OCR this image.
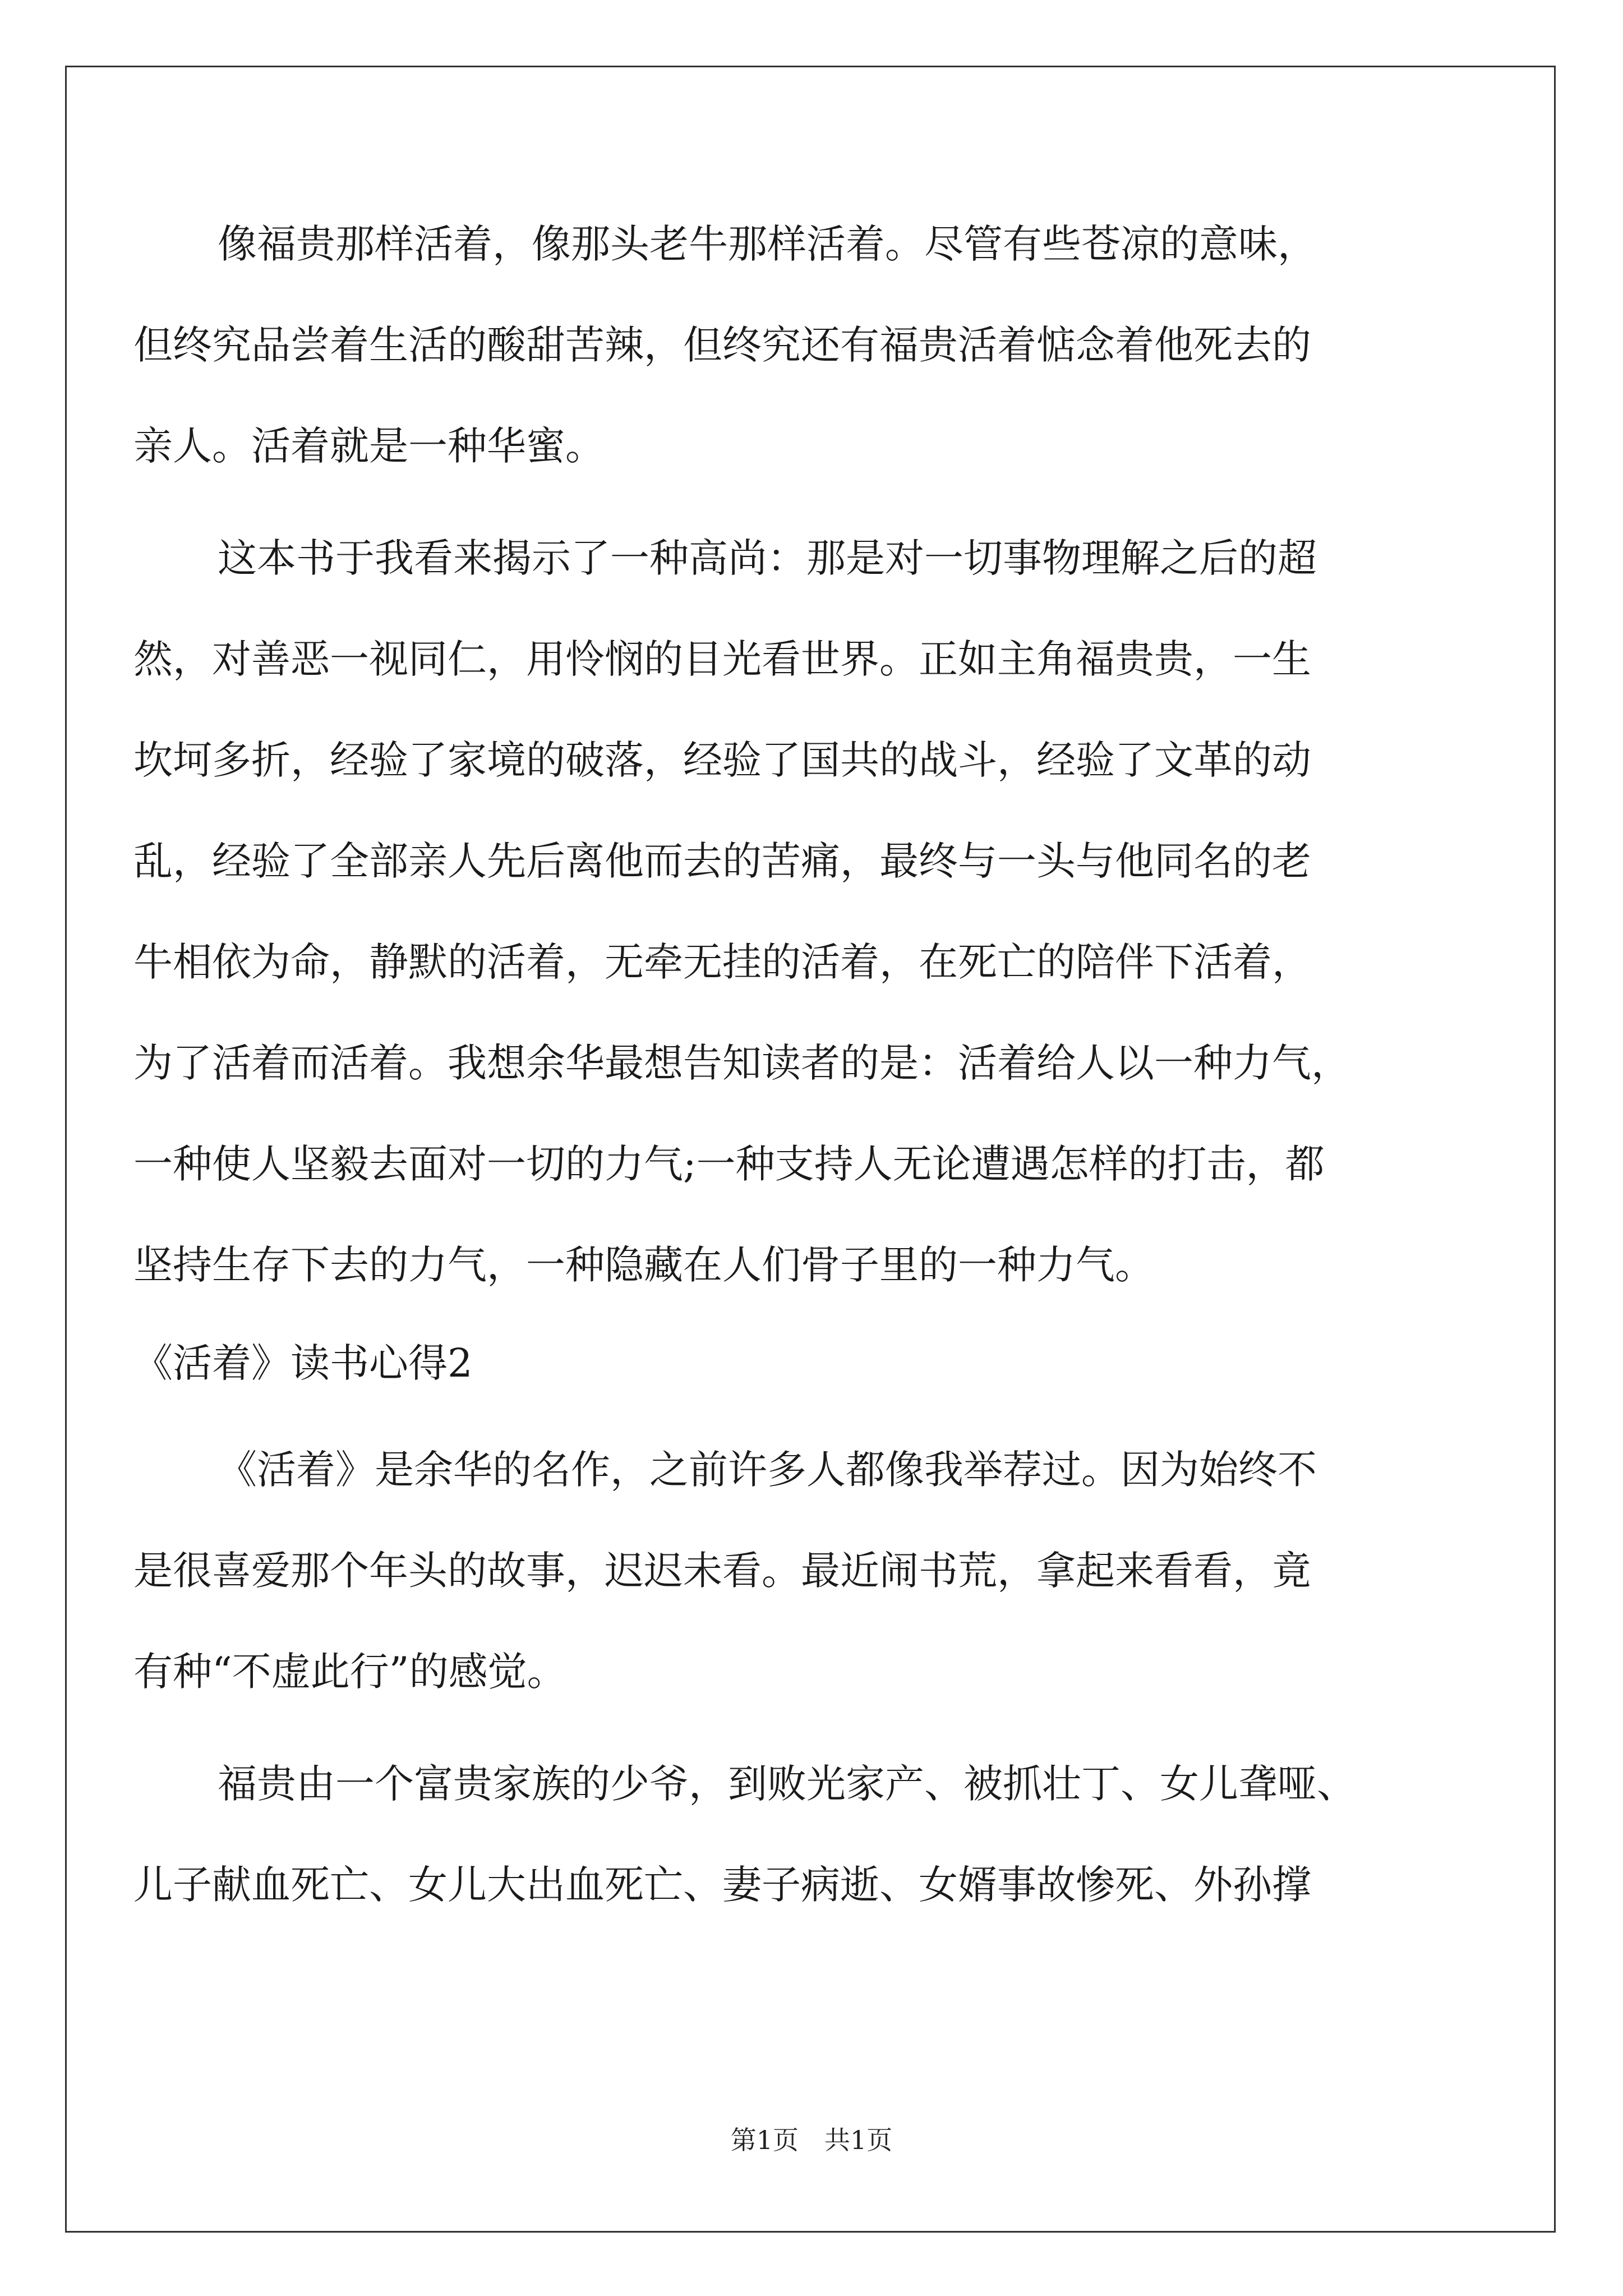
像福贵那样活着，像那头老牛那样活着。尽管有些苍凉的意味，
但终究品尝着生活的酸甜苦辣，但终究还有福贵活着惦念着他死去的
亲人。活着就是一种华蜜。
这本书于我看来揭示了一种高尚：那是对一切事物理解之后的超
然，对善恶一视同仁，用怜悯的目光看世界。正如主角福贵贵，一生
坎坷多折，经验了家境的破落，经验了国共的战斗，经验了文革的动
乱，经验了全部亲人先后离他而去的苦痛，最终与一头与他同名的老
牛相依为命，静默的活着，无牵无挂的活着，在死亡的陪伴下活着，
为了活着而活着。我想余华最想告知读者的是：活着给人以一种力气，
一种使人坚毅去面对一切的力气;一种支持人无论遭遇怎样的打击，都
坚持生存下去的力气，一种隐藏在人们骨子里的一种力气。
《活着》读书心得2
《活着》是余华的名作，之前许多人都像我举荐过。因为始终不
是很喜爱那个年头的故事，迟迟未看。最近闹书荒，拿起来看看，竟
有种“不虚此行”的感觉。
福贵由一个富贵家族的少爷，到败光家产、被抓壮丁、女儿聋哑、
儿子献血死亡、女儿大出血死亡、妻子病逝、女婿事故惨死、外孙撑
第1页　共1页
